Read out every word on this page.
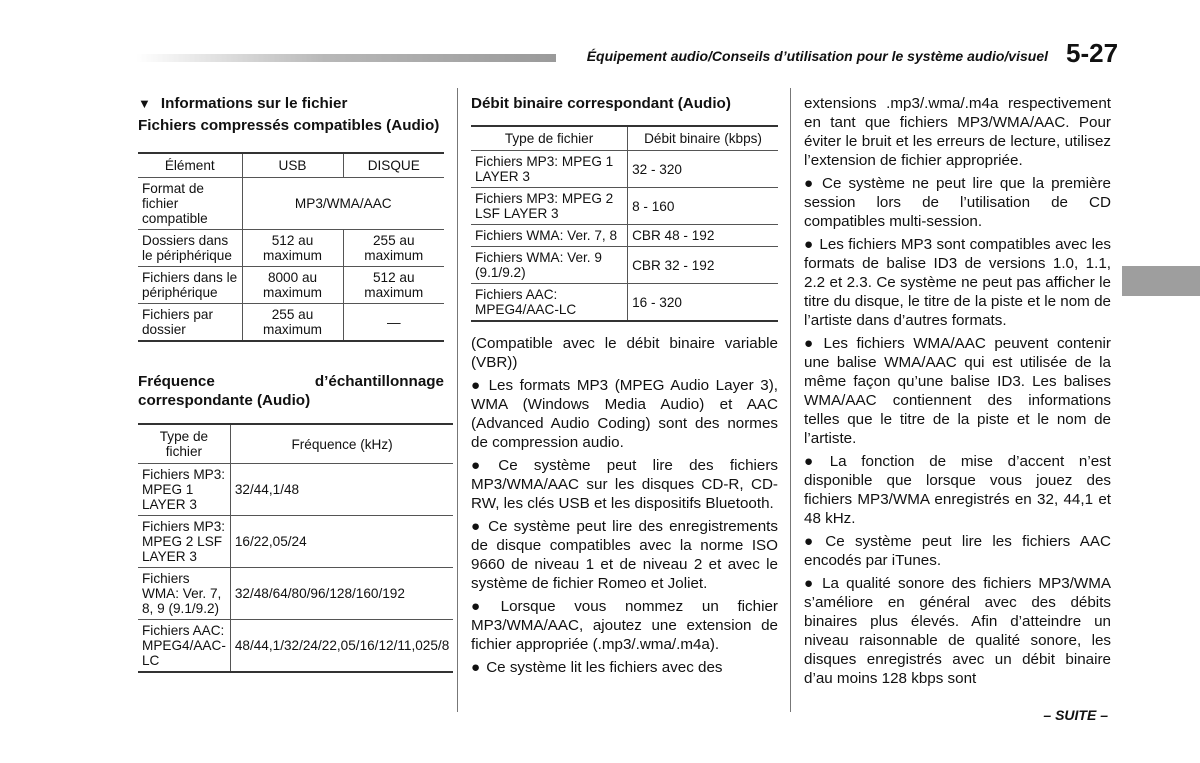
Équipement audio/Conseils d’utilisation pour le système audio/visuel 5-27
▼ Informations sur le fichier
Fichiers compressés compatibles (Audio)
Élément	USB	DISQUE
Format de fichier compatible	MP3/WMA/AAC	
Dossiers dans le périphérique	512 au maximum	255 au maximum
Fichiers dans le périphérique	8000 au maximum	512 au maximum
Fichiers par dossier	255 au maximum	—
Fréquence d’échantillonnage correspondante (Audio)
Type de fichier	Fréquence (kHz)
Fichiers MP3: MPEG 1 LAYER 3	32/44,1/48
Fichiers MP3: MPEG 2 LSF LAYER 3	16/22,05/24
Fichiers WMA: Ver. 7, 8, 9 (9.1/9.2)	32/48/64/80/96/128/160/192
Fichiers AAC: MPEG4/AAC-LC	48/44,1/32/24/22,05/16/12/11,025/8
Débit binaire correspondant (Audio)
Type de fichier	Débit binaire (kbps)
Fichiers MP3: MPEG 1 LAYER 3	32 - 320
Fichiers MP3: MPEG 2 LSF LAYER 3	8 - 160
Fichiers WMA: Ver. 7, 8	CBR 48 - 192
Fichiers WMA: Ver. 9 (9.1/9.2)	CBR 32 - 192
Fichiers AAC: MPEG4/AAC-LC	16 - 320

(Compatible avec le débit binaire variable (VBR))

● Les formats MP3 (MPEG Audio Layer 3), WMA (Windows Media Audio) et AAC (Advanced Audio Coding) sont des normes de compression audio.

● Ce système peut lire des fichiers MP3/WMA/AAC sur les disques CD-R, CD-RW, les clés USB et les dispositifs Bluetooth.

● Ce système peut lire des enregistrements de disque compatibles avec la norme ISO 9660 de niveau 1 et de niveau 2 et avec le système de fichier Romeo et Joliet.

● Lorsque vous nommez un fichier MP3/WMA/AAC, ajoutez une extension de fichier appropriée (.mp3/.wma/.m4a).

● Ce système lit les fichiers avec des

extensions .mp3/.wma/.m4a respectivement en tant que fichiers MP3/WMA/AAC. Pour éviter le bruit et les erreurs de lecture, utilisez l’extension de fichier appropriée.

● Ce système ne peut lire que la première session lors de l’utilisation de CD compatibles multi-session.

● Les fichiers MP3 sont compatibles avec les formats de balise ID3 de versions 1.0, 1.1, 2.2 et 2.3. Ce système ne peut pas afficher le titre du disque, le titre de la piste et le nom de l’artiste dans d’autres formats.

● Les fichiers WMA/AAC peuvent contenir une balise WMA/AAC qui est utilisée de la même façon qu’une balise ID3. Les balises WMA/AAC contiennent des informations telles que le titre de la piste et le nom de l’artiste.

● La fonction de mise d’accent n’est disponible que lorsque vous jouez des fichiers MP3/WMA enregistrés en 32, 44,1 et 48 kHz.

● Ce système peut lire les fichiers AAC encodés par iTunes.

● La qualité sonore des fichiers MP3/WMA s’améliore en général avec des débits binaires plus élevés. Afin d’atteindre un niveau raisonnable de qualité sonore, les disques enregistrés avec un débit binaire d’au moins 128 kbps sont

– SUITE –
